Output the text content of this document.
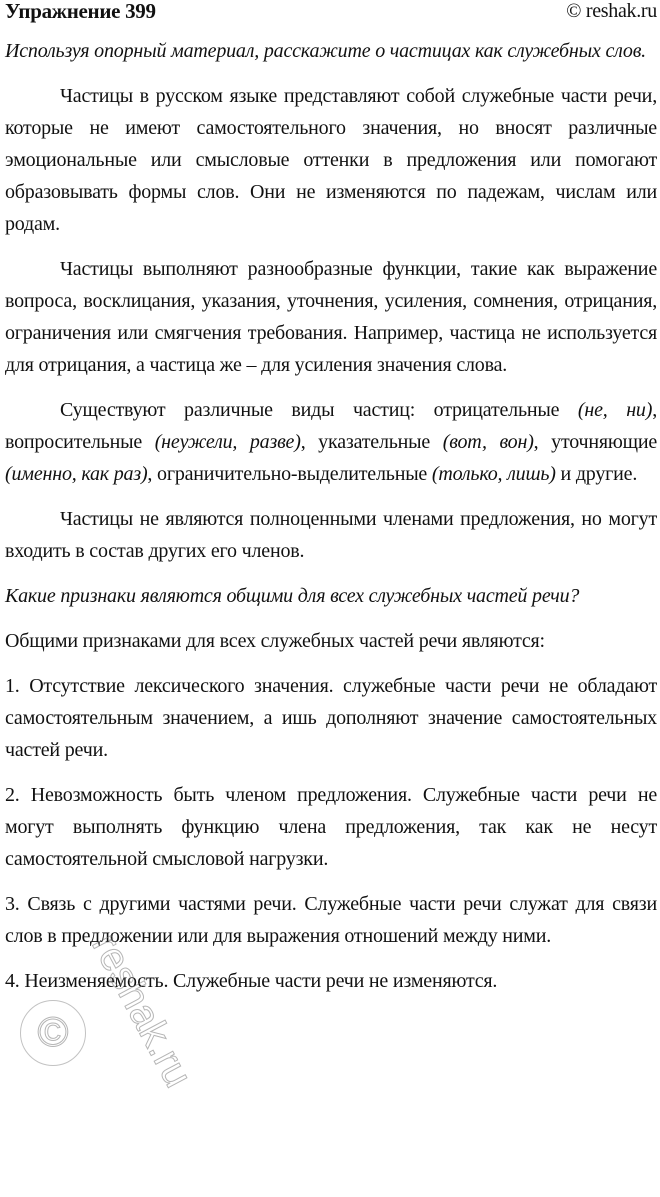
Упражнение 399	© reshak.ru

Используя опорный материал, расскажите о частицах как служебных слов.

Частицы в русском языке представляют собой служебные части речи, которые не имеют самостоятельного значения, но вносят различные эмоциональные или смысловые оттенки в предложения или помогают образовывать формы слов. Они не изменяются по падежам, числам или родам.

Частицы выполняют разнообразные функции, такие как выражение вопроса, восклицания, указания, уточнения, усиления, сомнения, отрицания, ограничения или смягчения требования. Например, частица не используется для отрицания, а частица же – для усиления значения слова.

Существуют различные виды частиц: отрицательные (не, ни), вопросительные (неужели, разве), указательные (вот, вон), уточняющие (именно, как раз), ограничительно-выделительные (только, лишь) и другие.

Частицы не являются полноценными членами предложения, но могут входить в состав других его членов.

Какие признаки являются общими для всех служебных частей речи?

Общими признаками для всех служебных частей речи являются:

1. Отсутствие лексического значения. служебные части речи не обладают самостоятельным значением, а ишь дополняют значение самостоятельных частей речи.

2. Невозможность быть членом предложения. Служебные части речи не могут выполнять функцию члена предложения, так как не несут самостоятельной смысловой нагрузки.

3. Связь с другими частями речи. Служебные части речи служат для связи слов в предложении или для выражения отношений между ними.

4. Неизменяемость. Служебные части речи не изменяются.

© reshak.ru
